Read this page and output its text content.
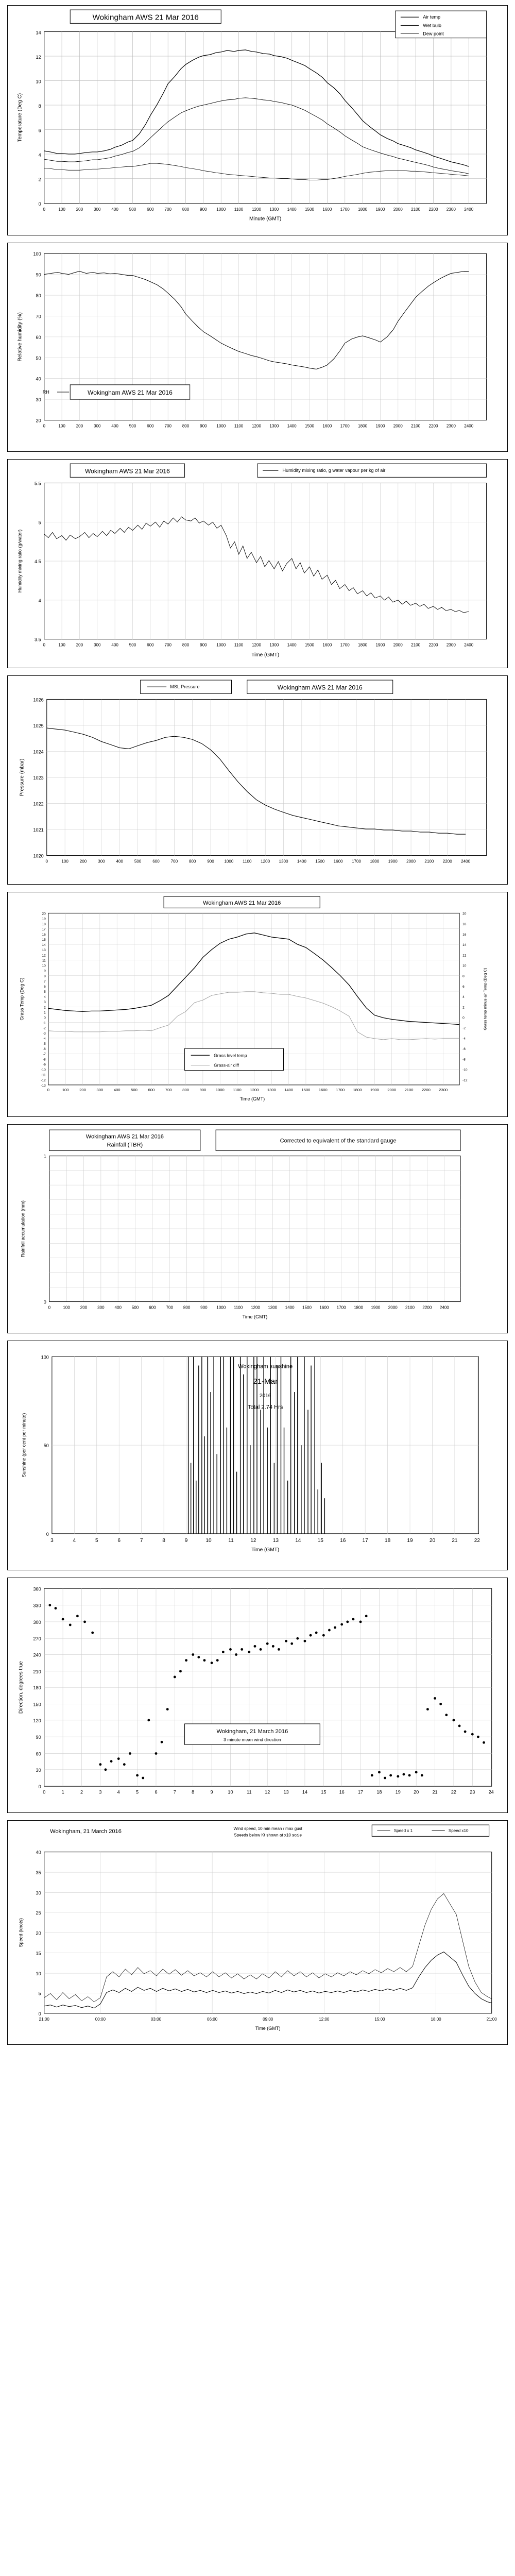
0
2
4
6
8
10
12
14
0	100	200	300	400	500	600	700	800	900 1000 1100 1200 1300 1400 1500 1600 1700 1800 1900 2000 2100 2200 2300 2400
Minute (GMT)
Temperature (Deg C)
Wokingham AWS 21 Mar 2016	Air temp
Wet bulb
Dew point
20
30
40
50
60
70
80
90
100
0	100	200	300	400	500	600	700	800	900 1000 1100 1200 1300 1400 1500 1600 1700 1800 1900 2000 2100 2200 2300 2400
Relative humidity (%)
Wokingham AWS 21 Mar 2016
RH
3.5
4
4.5
5
5.5
0	100	200	300	400	500	600	700	800	900 1000 1100 1200 1300 1400 1500 1600 1700 1800 1900 2000 2100 2200 2300 2400
Time (GMT)
Humidity mixing ratio (g/water)
Wokingham AWS 21 Mar 2016	Humidity mixing ratio, g water vapour per kg of air
1020
1021
1022
1023
1024
1025
1026
0	100	200	300	400	500	600	700	800	900 1000 1100 1200 1300 1400 1500 1600 1700 1800 1900 2000 2100 2200 2400
Pressure (mbar)
MSL Pressure	Wokingham AWS 21 Mar 2016
20
19
18
17
16
15
14
13
12
11
10
9
8
7
6
5
4
3
2
1
0
-1
-2
-3
-4
-5
-6
-7
-8
-9
-10
-11
-12
-13
20
18
16
14
12
10
8
6
4
2
0
-2
-4
-6
-8
-10
-12
0	100	200	300	400	500	600	700	800	900 1000 1100 1200 1300 1400 1500 1600 1700 1800 1900 2000 2100 2200 2300
Time (GMT)
Grass Temp (Deg C)	Grass temp minus air Temp (Deg C)
Wokingham AWS 21 Mar 2016
Grass level temp
Grass-air diff
0
1
0	100 200 300 400 500 600 700 800 900 1000 1100 1200 1300 1400 1500 1600 1700 1800 1900 2000 2100 2200 2400
Time (GMT)
Rainfall accumulation (mm)
Wokingham AWS 21 Mar 2016
Rainfall (TBR)
Corrected to equivalent of the standard gauge
0
50
100
3	4	5	6	7	8	9	10	11	12	13	14	15	16	17	18	19	20	21	22
Time (GMT)
Sunshine (per cent per minute)
Wokingham sunshine
21-Mar
2016
Total 2.74 Hrs
360
330
300
270
240
210
180
150
120
90
60
30
0
0	1	2	3	4	5	6	7	8	9	10	11	12	13	14	15	16	17	18	19	20	21	22	23	24
Direction, degrees true
Wokingham, 21 March 2016
3 minute mean wind direction
40
35
30
25
20
15
10
5
0
21:00	00:00	03:00	06:00	09:00	12:00	15:00	18:00	21:00
Time (GMT)
Speed (knots)
Wokingham, 21 March 2016	Wind speed, 10 min mean / max gust
Speeds below Kt shown at x10 scale
Speed x 1	Speed x10
